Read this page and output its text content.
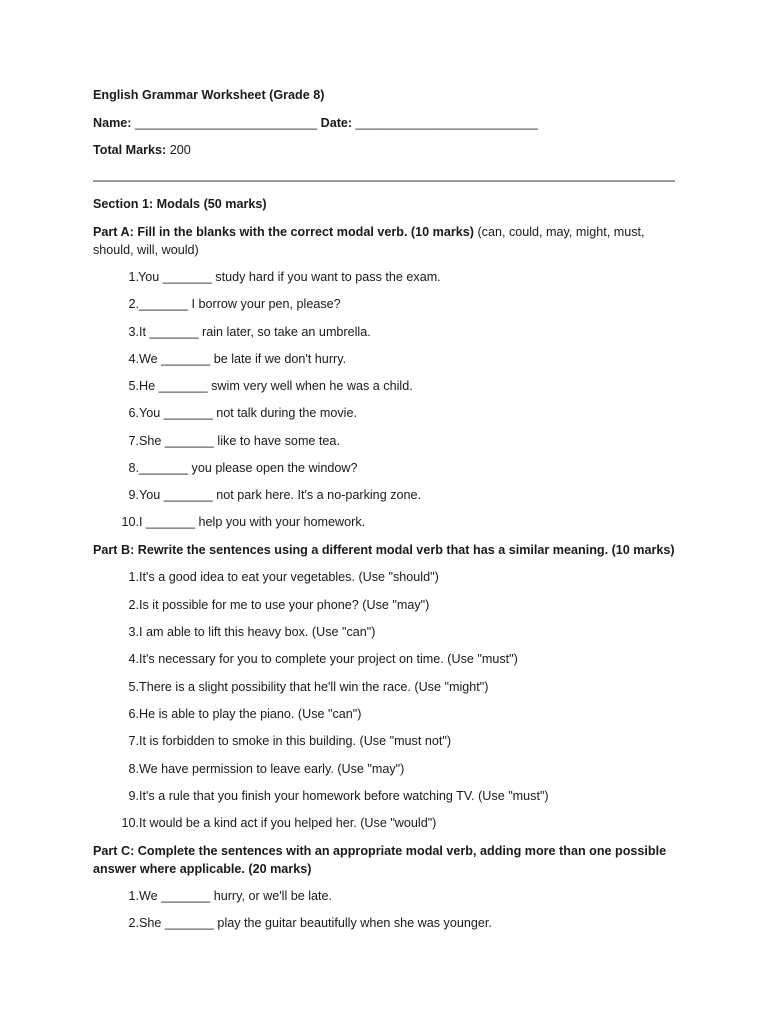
English Grammar Worksheet (Grade 8)
Name: __________________________ Date: __________________________
Total Marks: 200
Section 1: Modals (50 marks)
Part A: Fill in the blanks with the correct modal verb. (10 marks) (can, could, may, might, must, should, will, would)
1. You _______ study hard if you want to pass the exam.
2. _______ I borrow your pen, please?
3. It _______ rain later, so take an umbrella.
4. We _______ be late if we don't hurry.
5. He _______ swim very well when he was a child.
6. You _______ not talk during the movie.
7. She _______ like to have some tea.
8. _______ you please open the window?
9. You _______ not park here. It's a no-parking zone.
10. I _______ help you with your homework.
Part B: Rewrite the sentences using a different modal verb that has a similar meaning. (10 marks)
1. It's a good idea to eat your vegetables. (Use "should")
2. Is it possible for me to use your phone? (Use "may")
3. I am able to lift this heavy box. (Use "can")
4. It's necessary for you to complete your project on time. (Use "must")
5. There is a slight possibility that he'll win the race. (Use "might")
6. He is able to play the piano. (Use "can")
7. It is forbidden to smoke in this building. (Use "must not")
8. We have permission to leave early. (Use "may")
9. It's a rule that you finish your homework before watching TV. (Use "must")
10. It would be a kind act if you helped her. (Use "would")
Part C: Complete the sentences with an appropriate modal verb, adding more than one possible answer where applicable. (20 marks)
1. We _______ hurry, or we'll be late.
2. She _______ play the guitar beautifully when she was younger.
